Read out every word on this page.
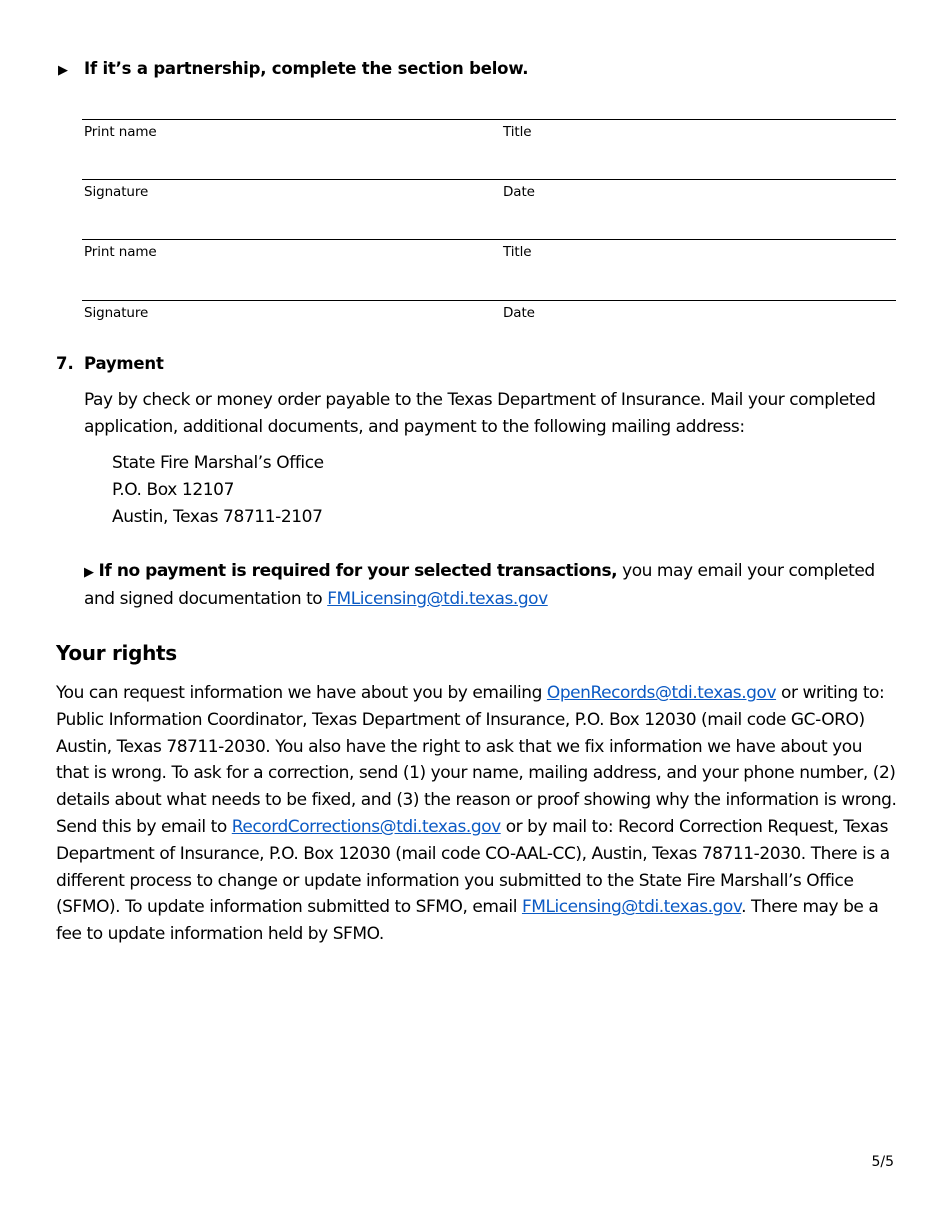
▶ If it’s a partnership, complete the section below.
Print name	Title
Signature	Date
Print name	Title
Signature	Date
7. Payment
Pay by check or money order payable to the Texas Department of Insurance. Mail your completed application, additional documents, and payment to the following mailing address:
State Fire Marshal’s Office
P.O. Box 12107
Austin, Texas 78711-2107
▶ If no payment is required for your selected transactions, you may email your completed and signed documentation to FMLicensing@tdi.texas.gov
Your rights
You can request information we have about you by emailing OpenRecords@tdi.texas.gov or writing to: Public Information Coordinator, Texas Department of Insurance, P.O. Box 12030 (mail code GC-ORO) Austin, Texas 78711-2030. You also have the right to ask that we fix information we have about you that is wrong. To ask for a correction, send (1) your name, mailing address, and your phone number, (2) details about what needs to be fixed, and (3) the reason or proof showing why the information is wrong. Send this by email to RecordCorrections@tdi.texas.gov or by mail to: Record Correction Request, Texas Department of Insurance, P.O. Box 12030 (mail code CO-AAL-CC), Austin, Texas 78711-2030. There is a different process to change or update information you submitted to the State Fire Marshall’s Office (SFMO). To update information submitted to SFMO, email FMLicensing@tdi.texas.gov. There may be a fee to update information held by SFMO.
5/5
